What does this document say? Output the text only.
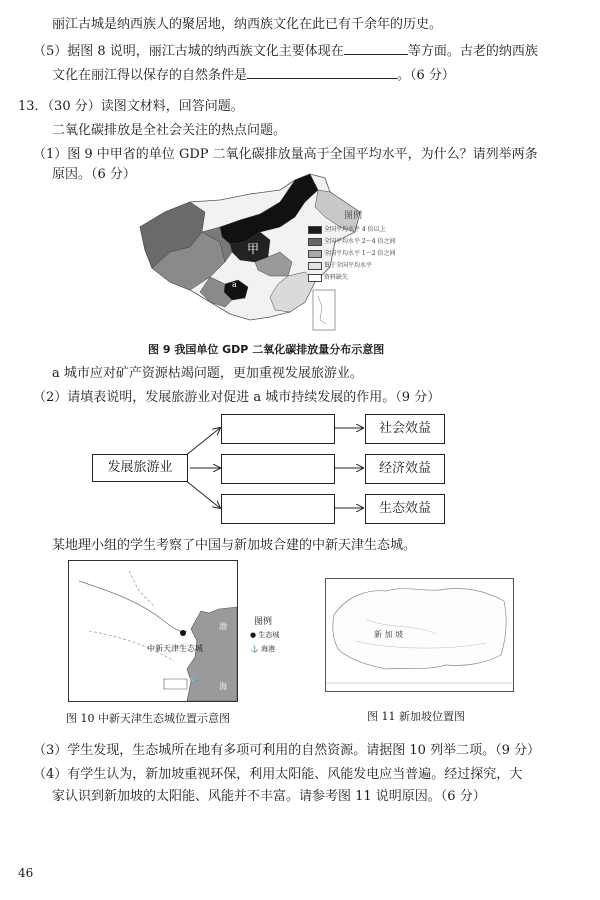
丽江古城是纳西族人的聚居地，纳西族文化在此已有千余年的历史。
（5）据图 8 说明，丽江古城的纳西族文化主要体现在	等方面。古老的纳西族
文化在丽江得以保存的自然条件是	。（6 分）
13．（30 分）读图文材料，回答问题。
二氧化碳排放是全社会关注的热点问题。
（1）图 9 中甲省的单位 GDP 二氧化碳排放量高于全国平均水平，为什么？请列举两条
原因。（6 分）
甲
a
图例
全国平均水平 4 倍以上
全国平均水平 2～4 倍之间
全国平均水平 1～2 倍之间
低于全国平均水平
资料缺失
图 9 我国单位 GDP 二氧化碳排放量分布示意图
a 城市应对矿产资源枯竭问题，更加重视发展旅游业。
（2）请填表说明，发展旅游业对促进 a 城市持续发展的作用。（9 分）
发展旅游业
社会效益
经济效益
生态效益
某地理小组的学生考察了中国与新加坡合建的中新天津生态城。
中新天津生态城
渤
海
⚓
图例
● 生态城
⚓ 海港
图 10 中新天津生态城位置示意图
新 加 坡
图 11 新加坡位置图
（3）学生发现，生态城所在地有多项可利用的自然资源。请据图 10 列举二项。（9 分）
（4）有学生认为，新加坡重视环保，利用太阳能、风能发电应当普遍。经过探究，大
家认识到新加坡的太阳能、风能并不丰富。请参考图 11 说明原因。（6 分）
46
